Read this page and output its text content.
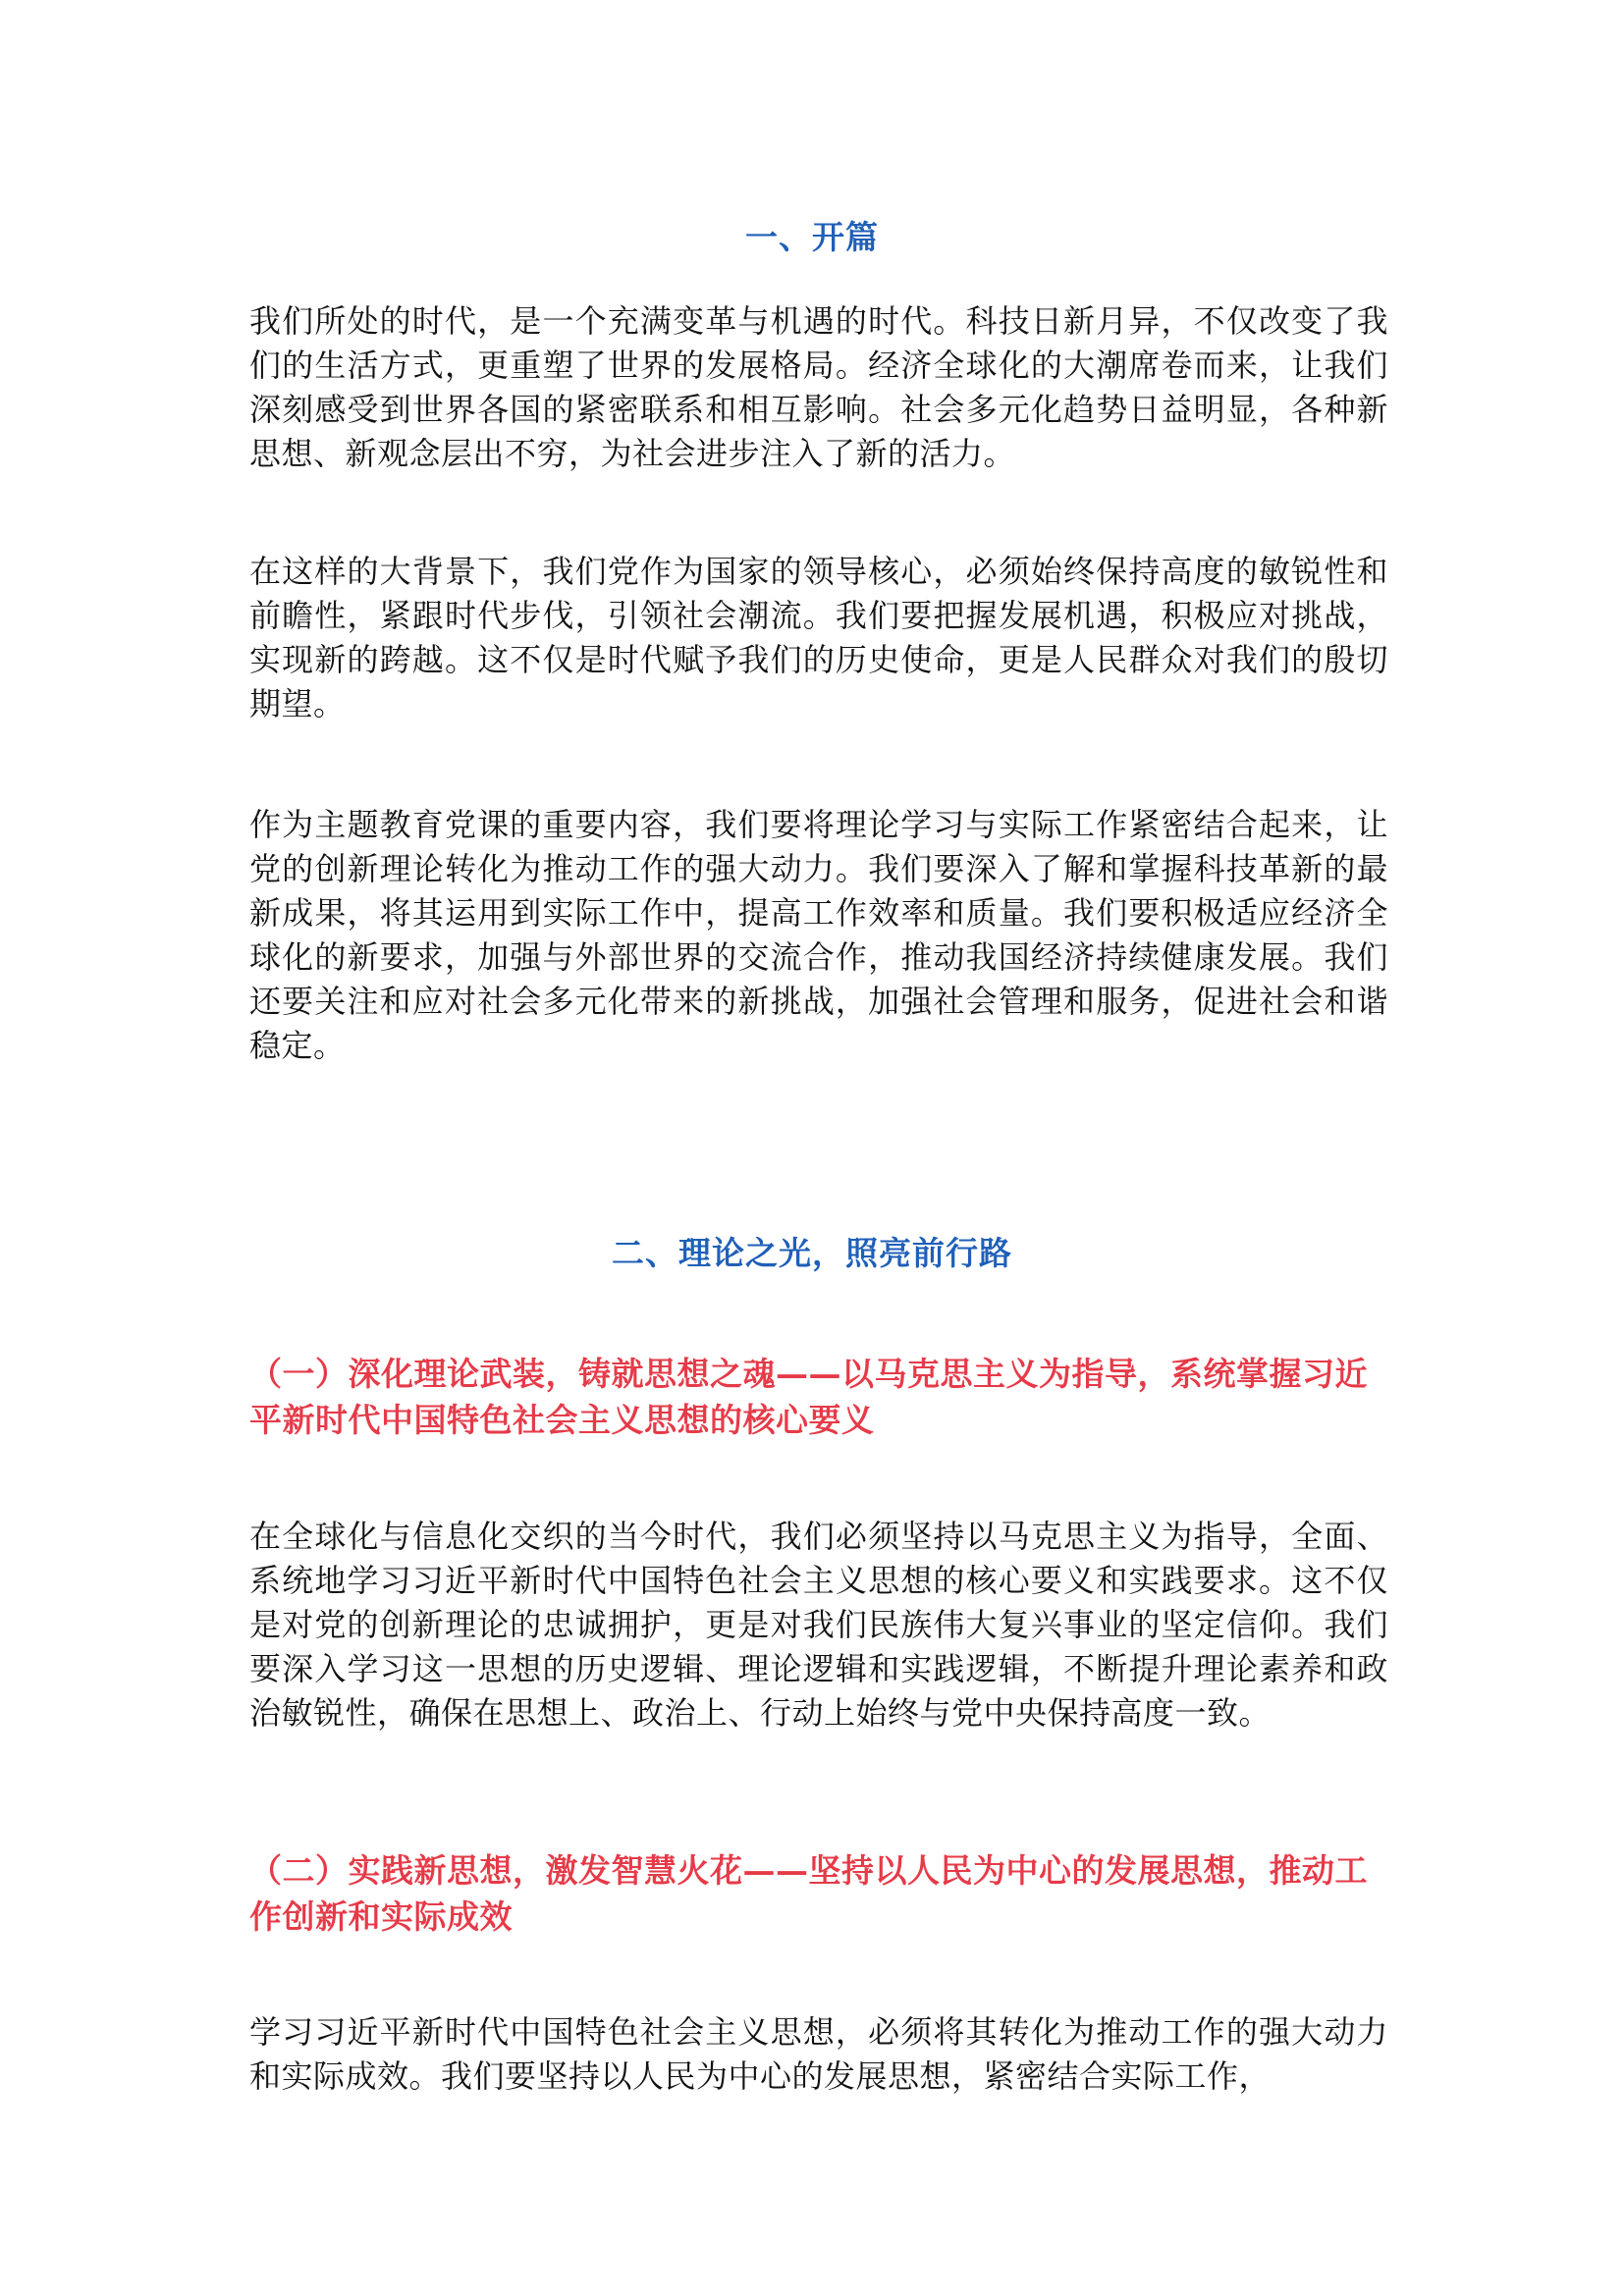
一、开篇
我们所处的时代，是一个充满变革与机遇的时代。科技日新月异，不仅改变了我们的生活方式，更重塑了世界的发展格局。经济全球化的大潮席卷而来，让我们深刻感受到世界各国的紧密联系和相互影响。社会多元化趋势日益明显，各种新思想、新观念层出不穷，为社会进步注入了新的活力。
在这样的大背景下，我们党作为国家的领导核心，必须始终保持高度的敏锐性和前瞻性，紧跟时代步伐，引领社会潮流。我们要把握发展机遇，积极应对挑战，实现新的跨越。这不仅是时代赋予我们的历史使命，更是人民群众对我们的殷切期望。
作为主题教育党课的重要内容，我们要将理论学习与实际工作紧密结合起来，让党的创新理论转化为推动工作的强大动力。我们要深入了解和掌握科技革新的最新成果，将其运用到实际工作中，提高工作效率和质量。我们要积极适应经济全球化的新要求，加强与外部世界的交流合作，推动我国经济持续健康发展。我们还要关注和应对社会多元化带来的新挑战，加强社会管理和服务，促进社会和谐稳定。
二、理论之光，照亮前行路
（一）深化理论武装，铸就思想之魂——以马克思主义为指导，系统掌握习近平新时代中国特色社会主义思想的核心要义
在全球化与信息化交织的当今时代，我们必须坚持以马克思主义为指导，全面、系统地学习习近平新时代中国特色社会主义思想的核心要义和实践要求。这不仅是对党的创新理论的忠诚拥护，更是对我们民族伟大复兴事业的坚定信仰。我们要深入学习这一思想的历史逻辑、理论逻辑和实践逻辑，不断提升理论素养和政治敏锐性，确保在思想上、政治上、行动上始终与党中央保持高度一致。
（二）实践新思想，激发智慧火花——坚持以人民为中心的发展思想，推动工作创新和实际成效
学习习近平新时代中国特色社会主义思想，必须将其转化为推动工作的强大动力和实际成效。我们要坚持以人民为中心的发展思想，紧密结合实际工作，
